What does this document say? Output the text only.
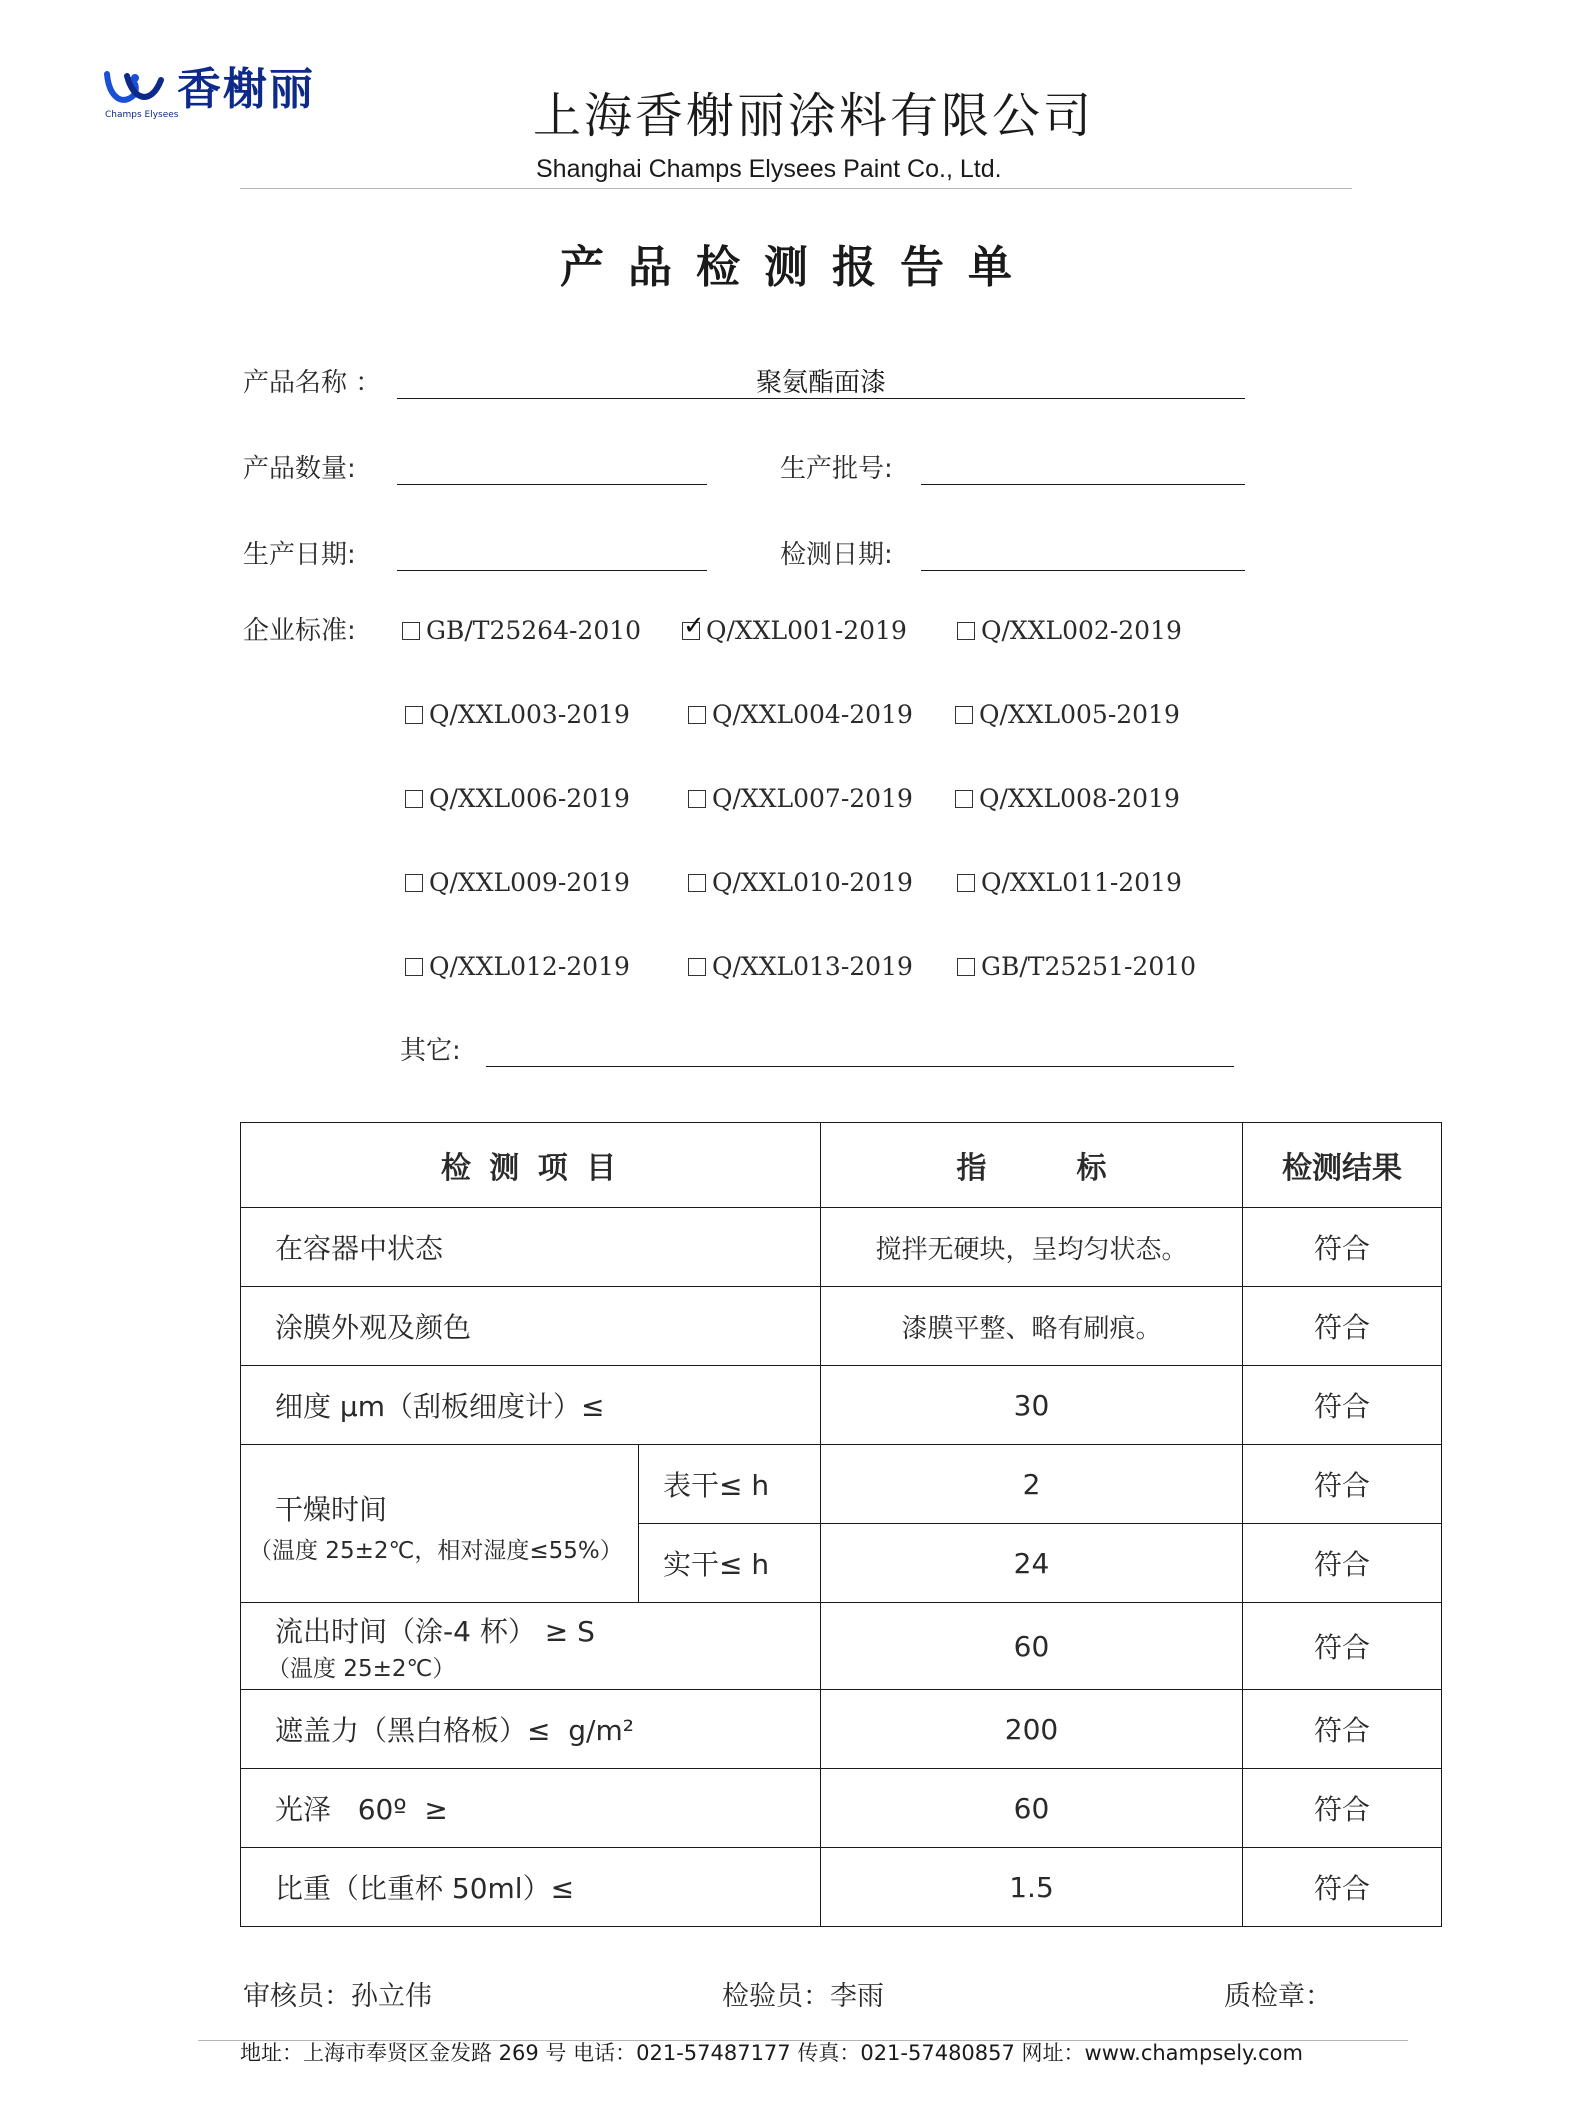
香榭丽
Champs Elysees	上海香榭丽涂料有限公司
Shanghai Champs Elysees Paint Co., Ltd.
产品检测报告单
产品名称 ：	聚氨酯面漆
产品数量:	生产批号:
生产日期:	检测日期:
企业标准:	GB/T25264-2010 ✓	Q/XXL001-2019	Q/XXL002-2019
Q/XXL003-2019	Q/XXL004-2019	Q/XXL005-2019
Q/XXL006-2019	Q/XXL007-2019	Q/XXL008-2019
Q/XXL009-2019	Q/XXL010-2019	Q/XXL011-2019
Q/XXL012-2019	Q/XXL013-2019	GB/T25251-2010
其它:
检 测 项 目		指　　　标	检测结果
在容器中状态		搅拌无硬块，呈均匀状态。	符合
涂膜外观及颜色		漆膜平整、略有刷痕。	符合
细度 μm（刮板细度计）≤		30	符合

干燥时间
（温度 25±2℃，相对湿度≤55%）	表干≤ h	2	符合
	实干≤ h	24	符合

流出时间（涂-4 杯） ≥ S
（温度 25±2℃）		60	符合
遮盖力（黑白格板）≤  g/m²		200	符合
光泽   60º  ≥		60	符合
比重（比重杯 50ml）≤		1.5	符合
审核员：孙立伟	检验员：李雨	质检章：
地址：上海市奉贤区金发路 269 号 电话：021-57487177 传真：021-57480857 网址：www.champsely.com
